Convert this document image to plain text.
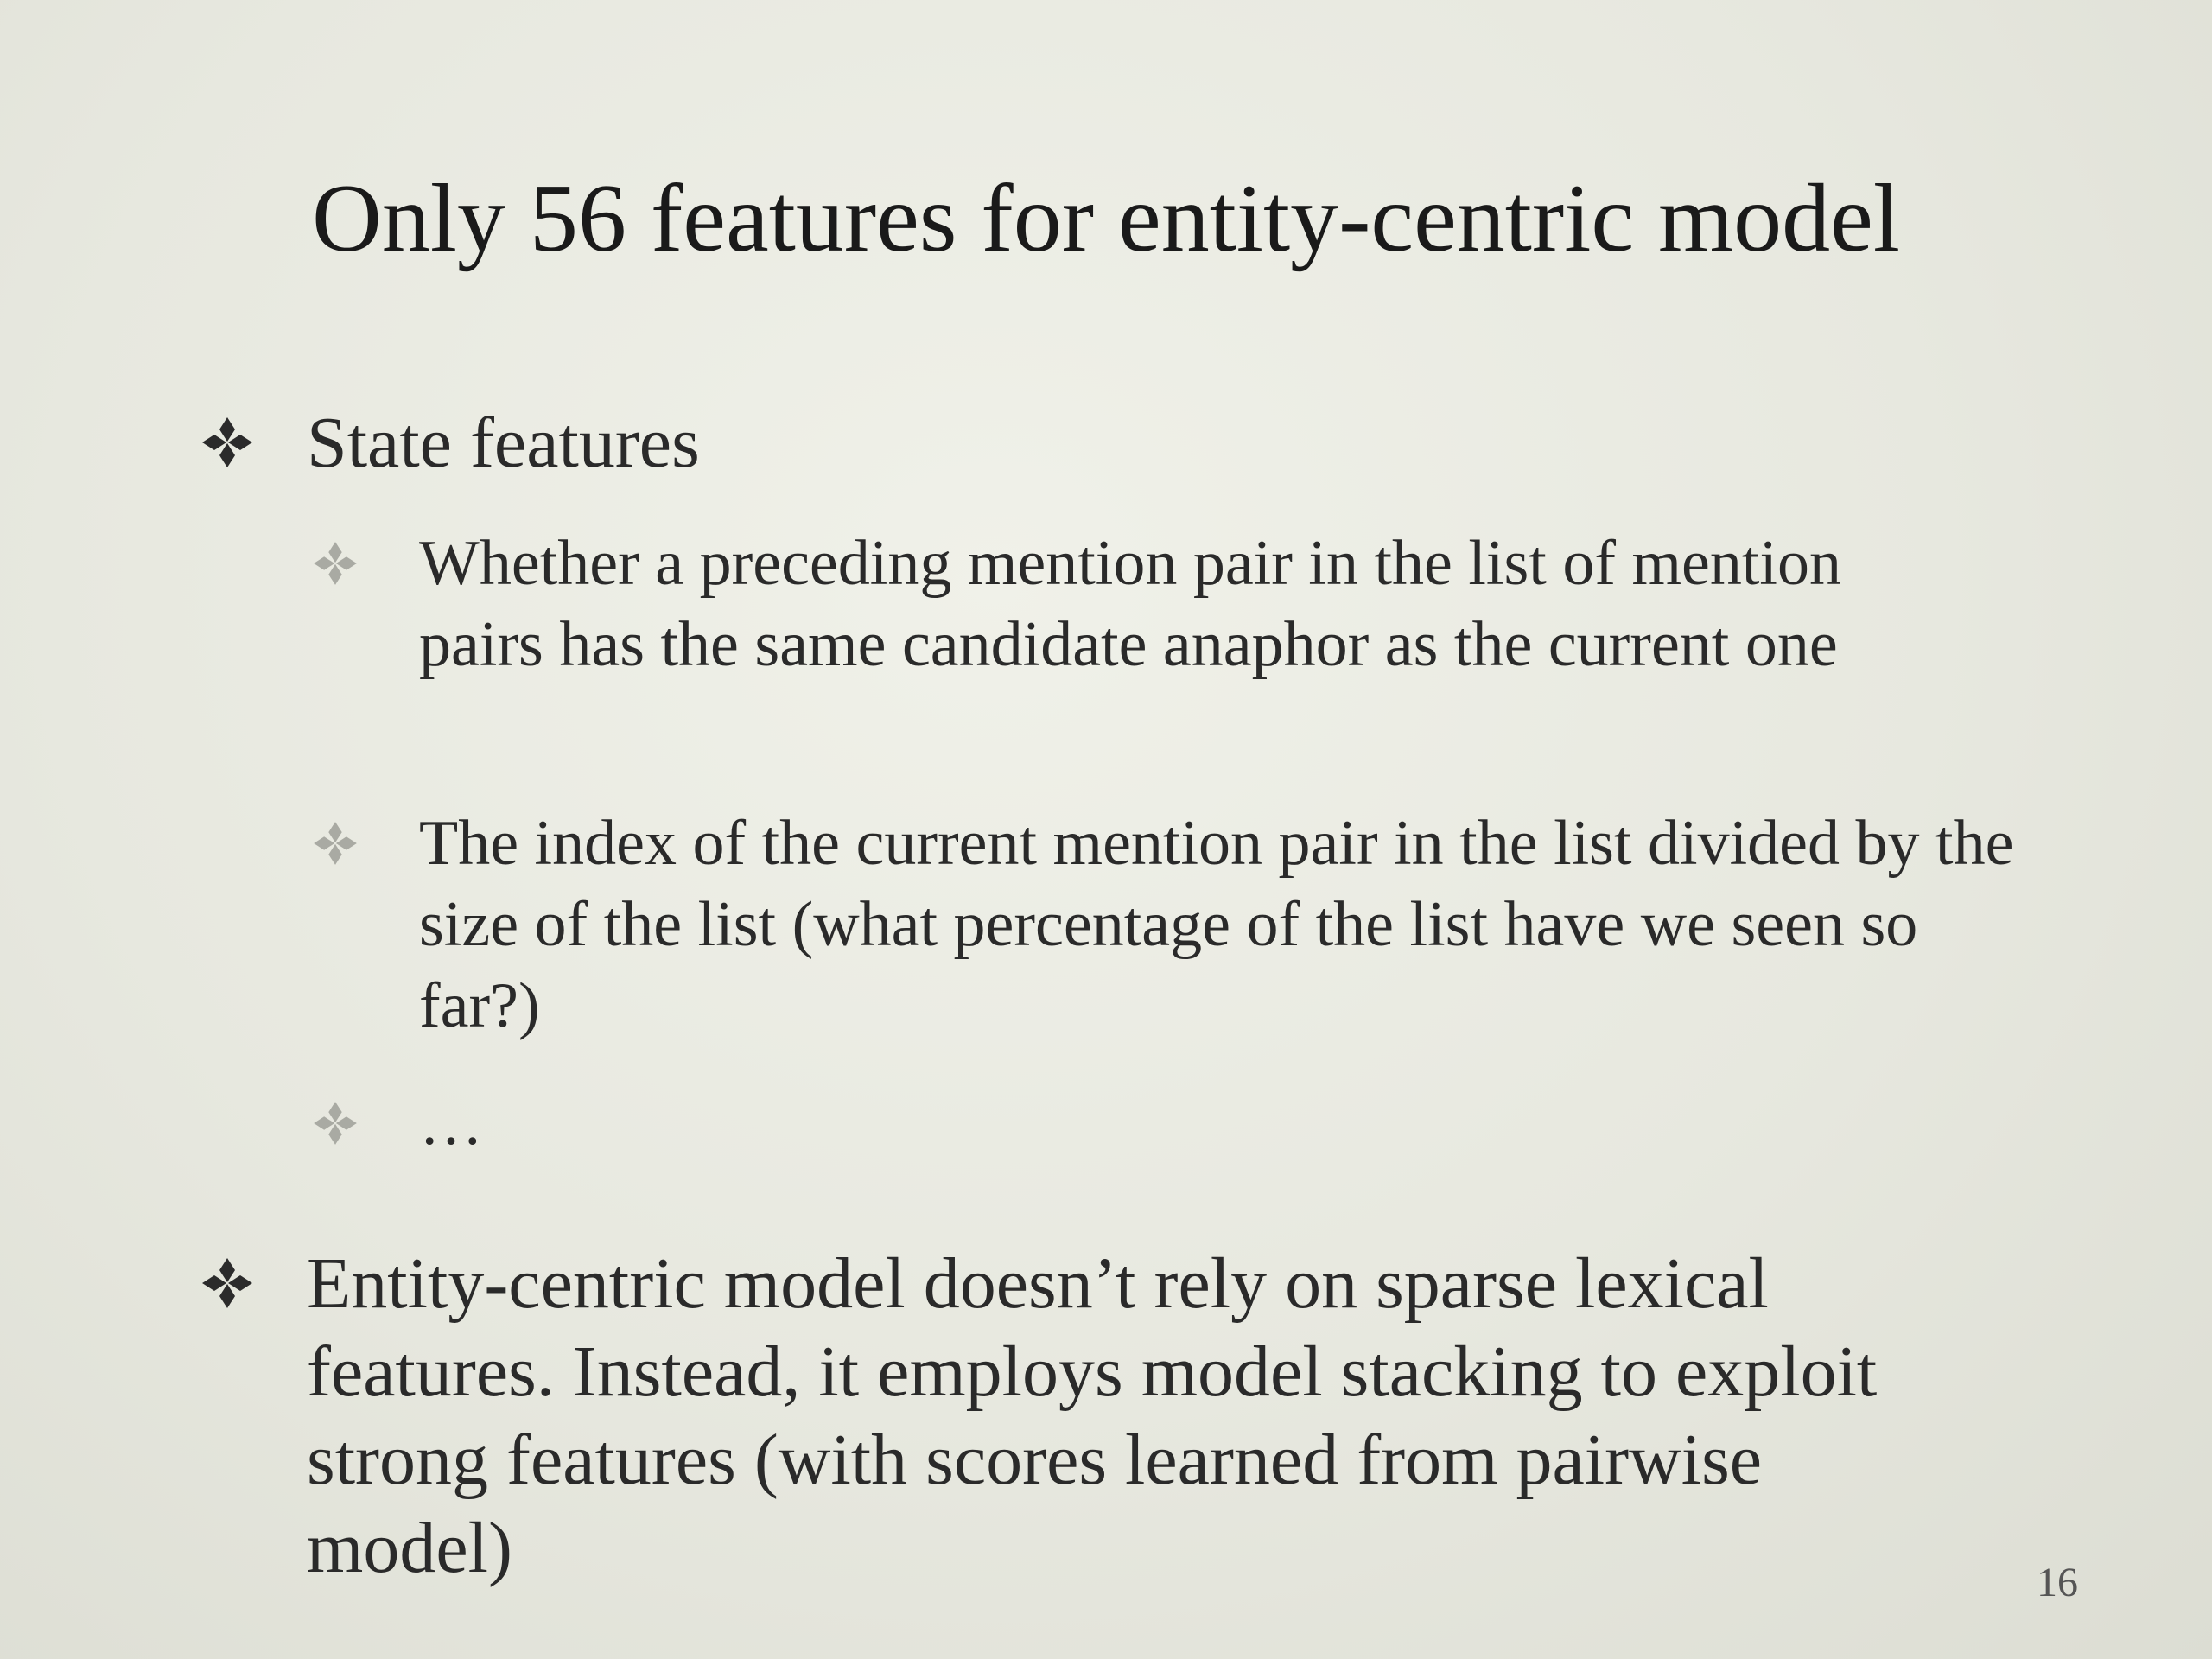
Only 56 features for entity-centric model
State features
Whether a preceding mention pair in the list of mention pairs has the same candidate anaphor as the current one
The index of the current mention pair in the list divided by the size of the list (what percentage of the list have we seen so far?)
…
Entity-centric model doesn’t rely on sparse lexical features. Instead, it employs model stacking to exploit strong features (with scores learned from pairwise model)	16
